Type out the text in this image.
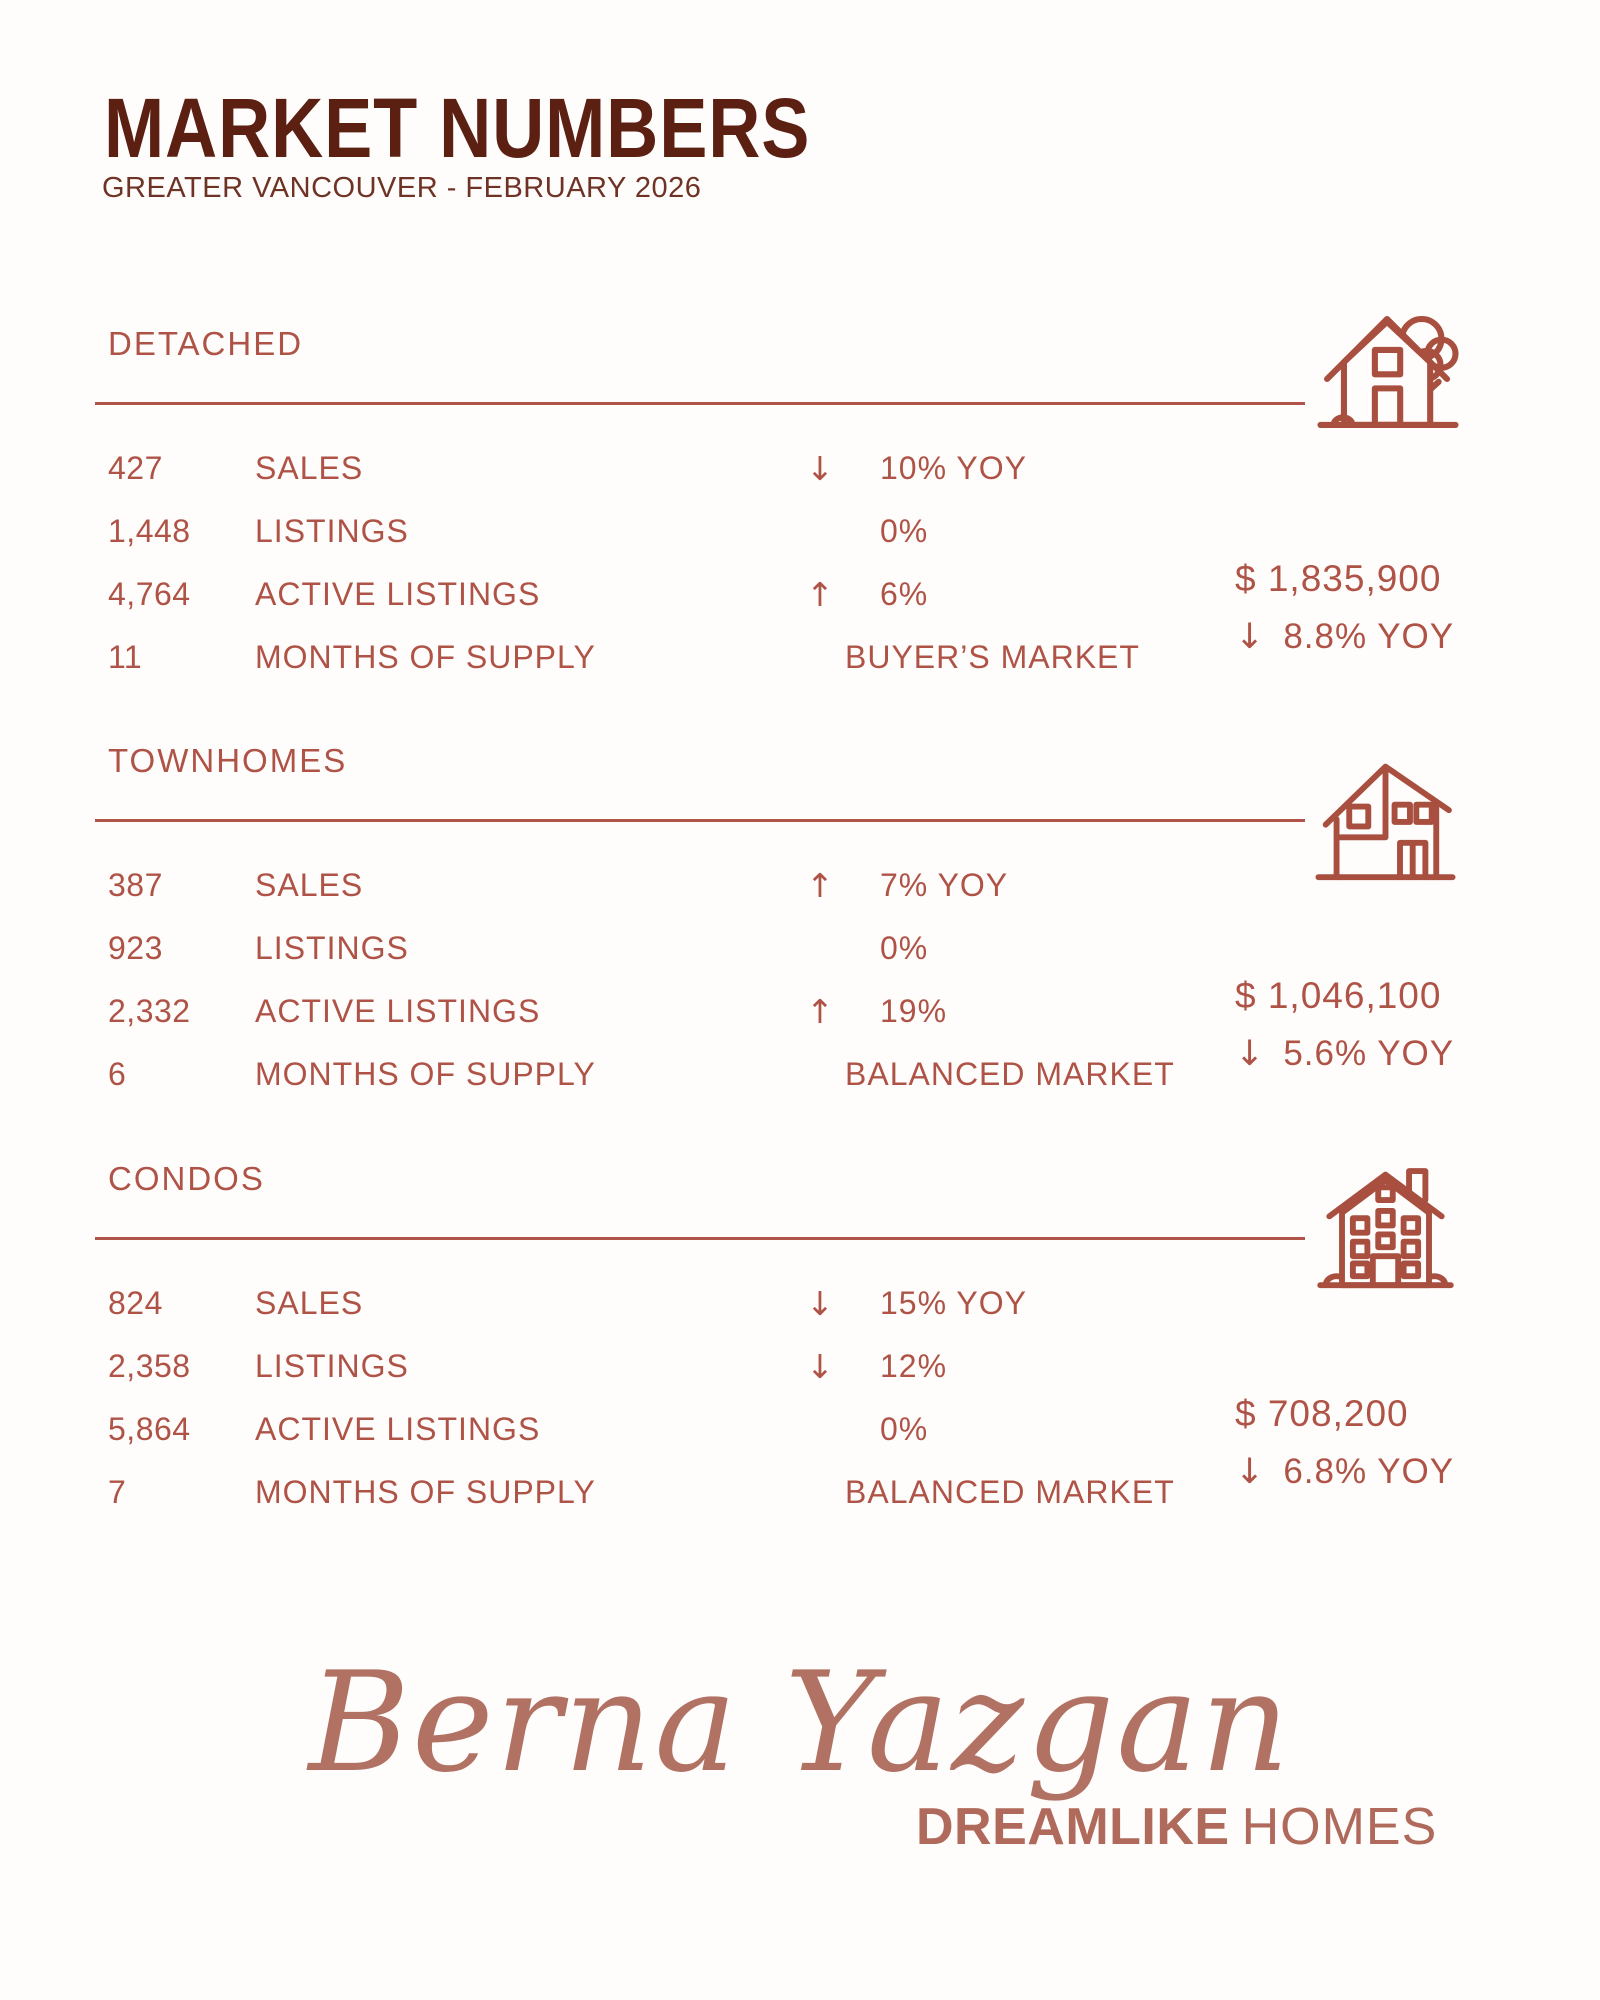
MARKET NUMBERS
GREATER VANCOUVER - FEBRUARY 2026
DETACHED
427	SALES	↓	10% YOY
1,448 LISTINGS	0%
4,764 ACTIVE LISTINGS	↑	6%
11	MONTHS OF SUPPLY	BUYER’S MARKET
$ 1,835,900
↓ 8.8% YOY
TOWNHOMES
387	SALES	↑	7% YOY
923	LISTINGS	0%
2,332 ACTIVE LISTINGS	↑	19%
6	MONTHS OF SUPPLY	BALANCED MARKET
$ 1,046,100
↓ 5.6% YOY
CONDOS
824	SALES	↓	15% YOY
2,358 LISTINGS	↓	12%
5,864 ACTIVE LISTINGS	0%
7	MONTHS OF SUPPLY	BALANCED MARKET
$ 708,200
↓ 6.8% YOY
Berna Yazgan
DREAMLIKE HOMES
